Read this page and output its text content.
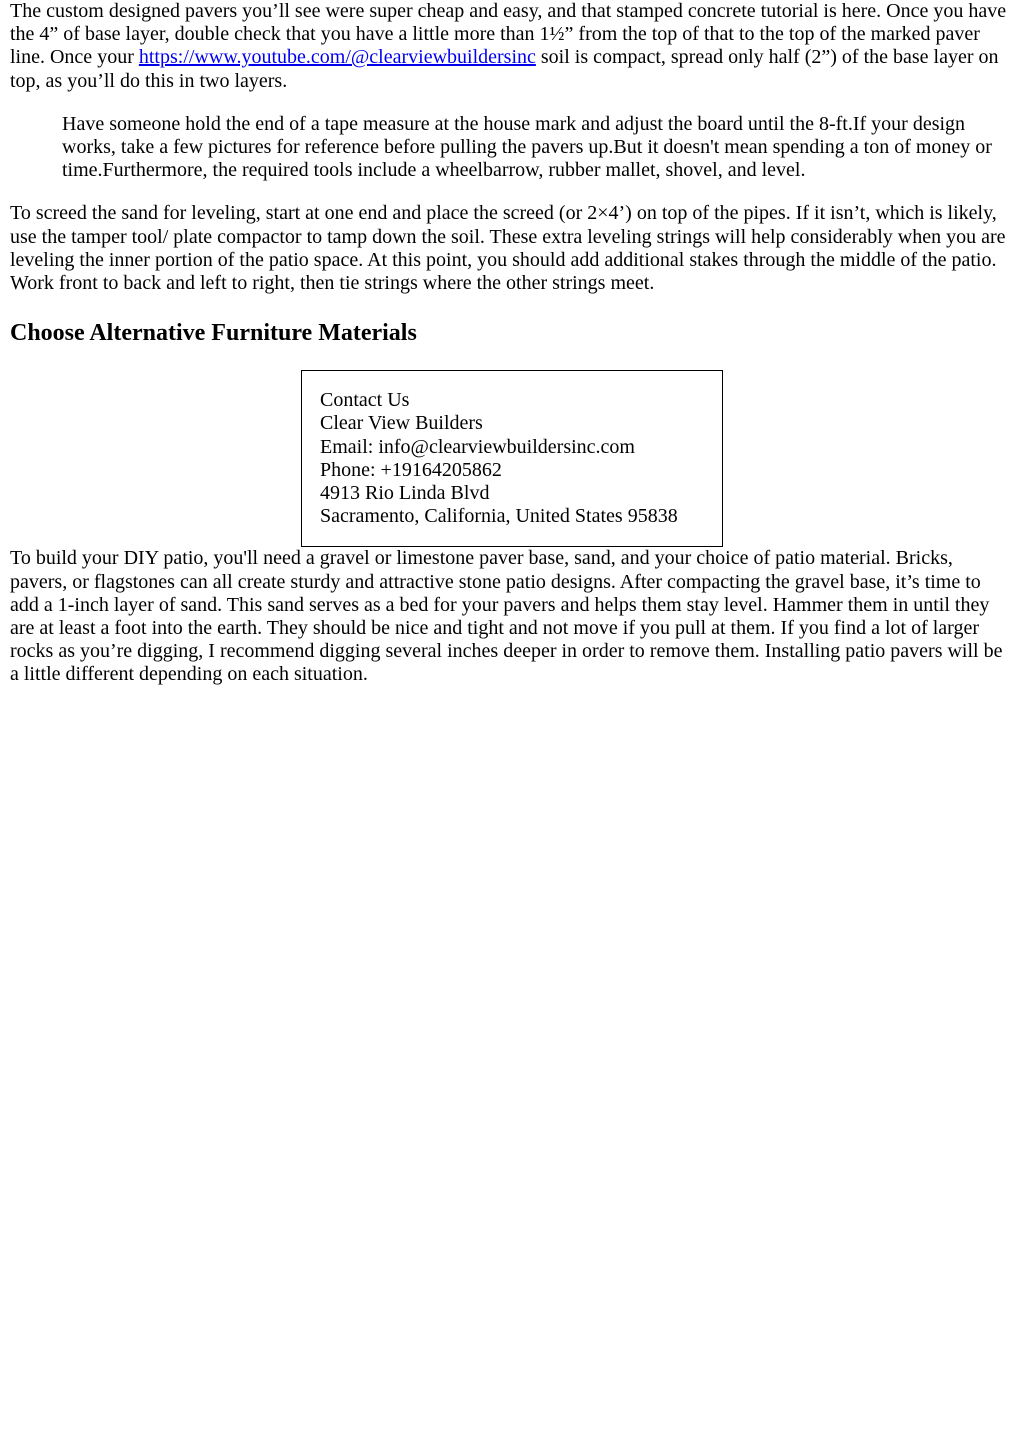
The custom designed pavers you’ll see were super cheap and easy, and that stamped concrete tutorial is here. Once you have the 4” of base layer, double check that you have a little more than 1½” from the top of that to the top of the marked paver line. Once your https://www.youtube.com/@clearviewbuildersinc soil is compact, spread only half (2”) of the base layer on top, as you’ll do this in two layers.

Have someone hold the end of a tape measure at the house mark and adjust the board until the 8-ft.If your design works, take a few pictures for reference before pulling the pavers up.But it doesn't mean spending a ton of money or time.Furthermore, the required tools include a wheelbarrow, rubber mallet, shovel, and level.

To screed the sand for leveling, start at one end and place the screed (or 2×4’) on top of the pipes. If it isn’t, which is likely, use the tamper tool/ plate compactor to tamp down the soil. These extra leveling strings will help considerably when you are leveling the inner portion of the patio space. At this point, you should add additional stakes through the middle of the patio. Work front to back and left to right, then tie strings where the other strings meet.

Choose Alternative Furniture Materials
Contact Us
Clear View Builders
Email: info@clearviewbuildersinc.com
Phone: +19164205862
4913 Rio Linda Blvd
Sacramento, California, United States 95838

To build your DIY patio, you'll need a gravel or limestone paver base, sand, and your choice of patio material. Bricks, pavers, or flagstones can all create sturdy and attractive stone patio designs. After compacting the gravel base, it’s time to add a 1-inch layer of sand. This sand serves as a bed for your pavers and helps them stay level. Hammer them in until they are at least a foot into the earth. They should be nice and tight and not move if you pull at them. If you find a lot of larger rocks as you’re digging, I recommend digging several inches deeper in order to remove them. Installing patio pavers will be a little different depending on each situation.
